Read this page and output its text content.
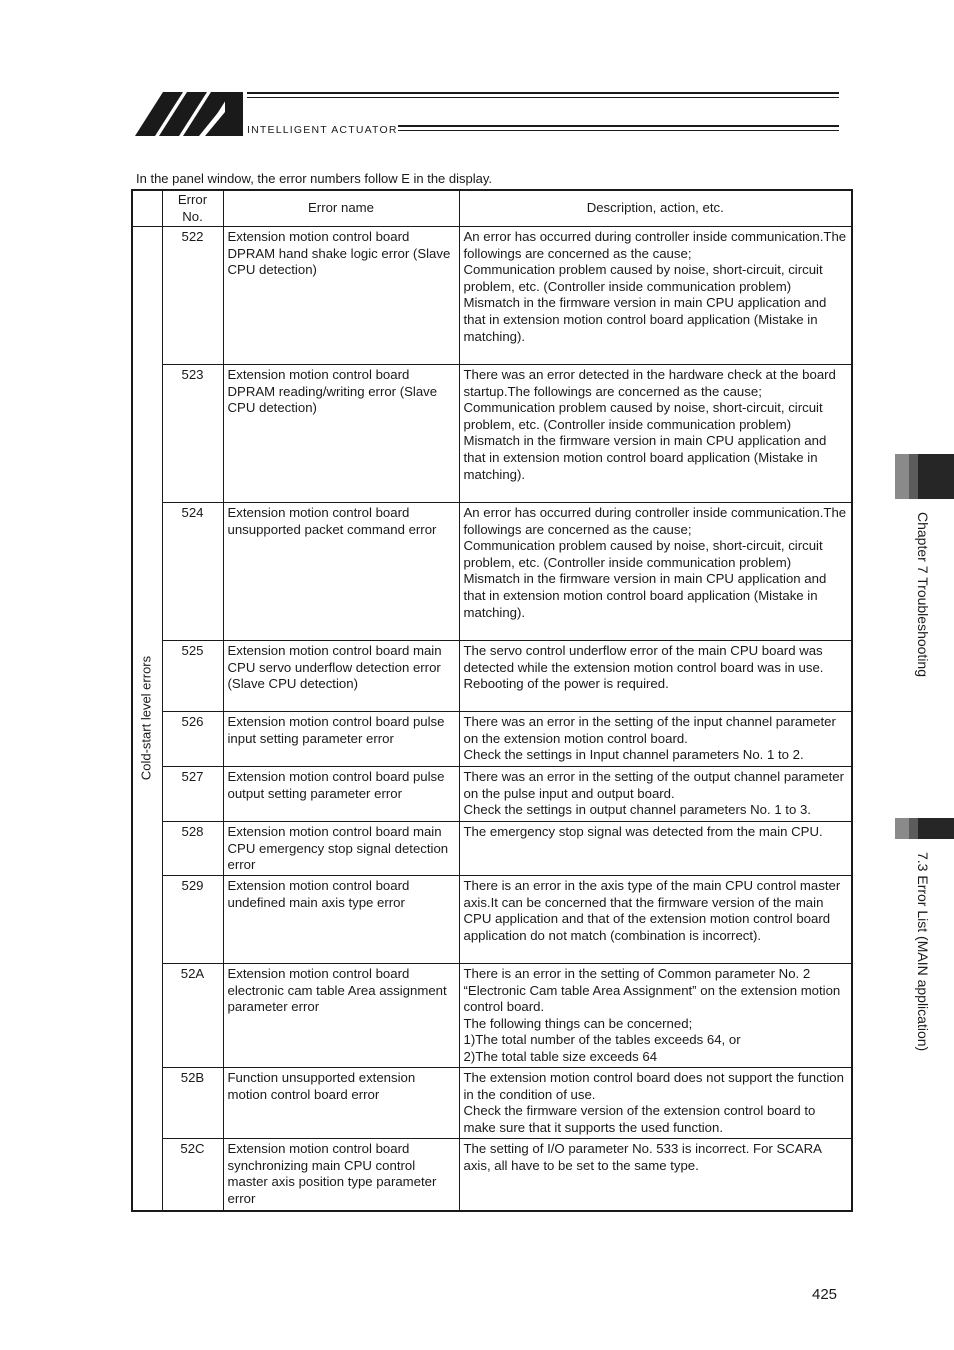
INTELLIGENT ACTUATOR
In the panel window, the error numbers follow E in the display.
	Error No.	Error name	Description, action, etc.

Cold-start level errors	522	Extension motion control board DPRAM hand shake logic error (Slave CPU detection)	An error has occurred during controller inside communication.The followings are concerned as the cause;
Communication problem caused by noise, short-circuit, circuit problem, etc. (Controller inside communication problem)
Mismatch in the firmware version in main CPU application and that in extension motion control board application (Mistake in matching).

	523	Extension motion control board DPRAM reading/writing error (Slave CPU detection)	There was an error detected in the hardware check at the board startup.The followings are concerned as the cause;
Communication problem caused by noise, short-circuit, circuit problem, etc. (Controller inside communication problem)
Mismatch in the firmware version in main CPU application and that in extension motion control board application (Mistake in matching).

	524	Extension motion control board unsupported packet command error	An error has occurred during controller inside communication.The followings are concerned as the cause;
Communication problem caused by noise, short-circuit, circuit problem, etc. (Controller inside communication problem)
Mismatch in the firmware version in main CPU application and that in extension motion control board application (Mistake in matching).

	525	Extension motion control board main CPU servo underflow detection error (Slave CPU detection)	The servo control underflow error of the main CPU board was detected while the extension motion control board was in use.
Rebooting of the power is required.

	526	Extension motion control board pulse input setting parameter error	There was an error in the setting of the input channel parameter on the extension motion control board.
Check the settings in Input channel parameters No. 1 to 2.

	527	Extension motion control board pulse output setting parameter error	There was an error in the setting of the output channel parameter on the pulse input and output board.
Check the settings in output channel parameters No. 1 to 3.

	528	Extension motion control board main CPU emergency stop signal detection error	The emergency stop signal was detected from the main CPU.

	529	Extension motion control board undefined main axis type error	There is an error in the axis type of the main CPU control master axis.It can be concerned that the firmware version of the main CPU application and that of the extension motion control board application do not match (combination is incorrect).

	52A	Extension motion control board electronic cam table Area assignment parameter error	There is an error in the setting of Common parameter No. 2 “Electronic Cam table Area Assignment” on the extension motion control board.
The following things can be concerned;
1)The total number of the tables exceeds 64, or
2)The total table size exceeds 64

	52B	Function unsupported extension motion control board error	The extension motion control board does not support the function in the condition of use.
Check the firmware version of the extension control board to make sure that it supports the used function.

	52C	Extension motion control board synchronizing main CPU control master axis position type parameter error	The setting of I/O parameter No. 533 is incorrect. For SCARA axis, all have to be set to the same type.
Chapter 7 Troubleshooting
7.3 Error List (MAIN application)
425
